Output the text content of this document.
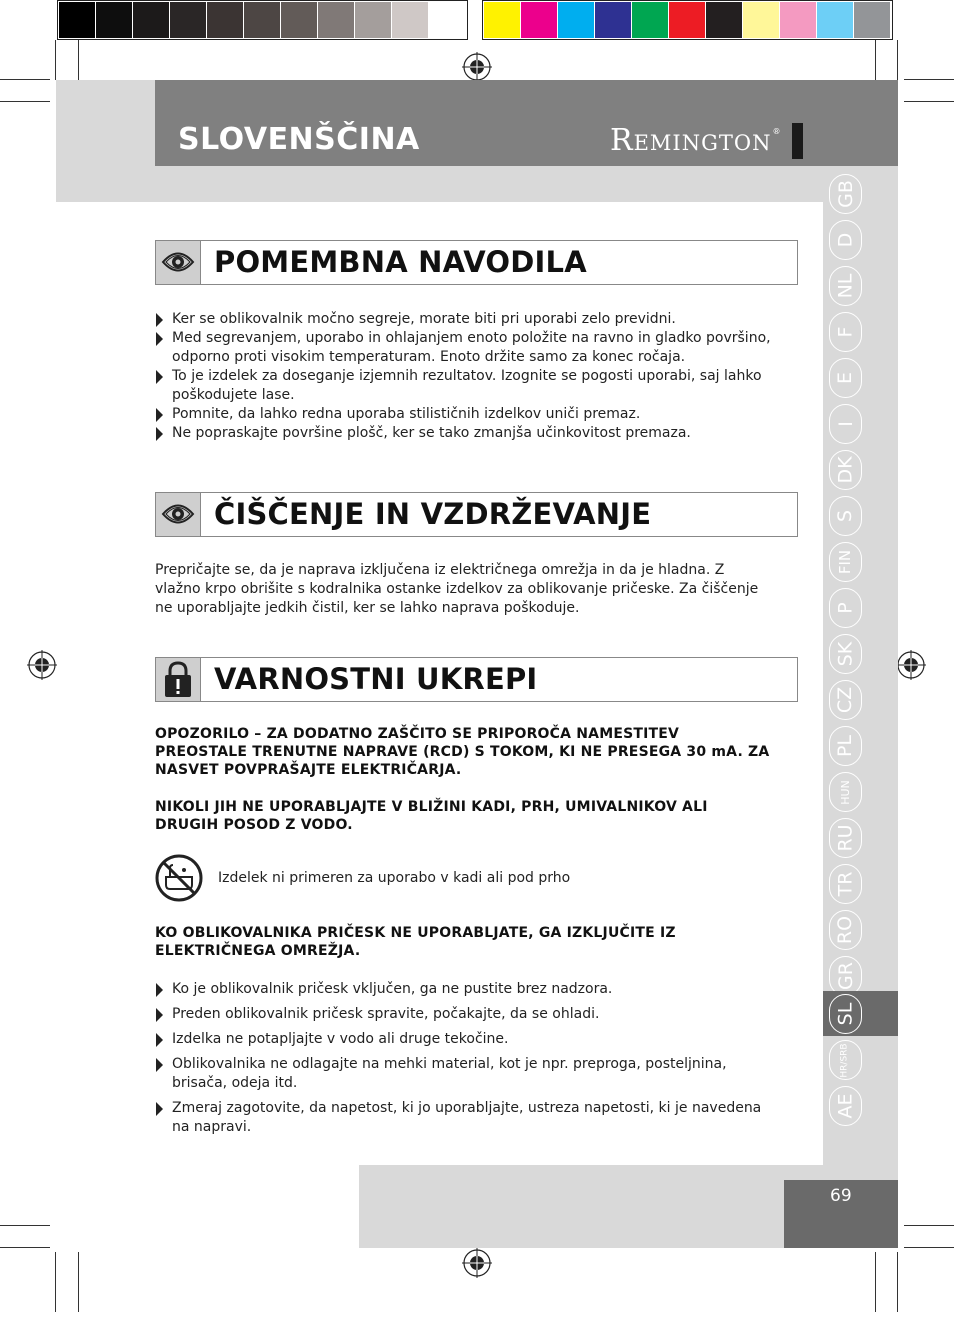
SLOVENŠČINA	Remington ®
POMEMBNA NAVODILA
Ker se oblikovalnik močno segreje, morate biti pri uporabi zelo previdni.
Med segrevanjem, uporabo in ohlajanjem enoto položite na ravno in gladko površino, odporno proti visokim temperaturam. Enoto držite samo za konec ročaja.
To je izdelek za doseganje izjemnih rezultatov. Izognite se pogosti uporabi, saj lahko poškodujete lase.
Pomnite, da lahko redna uporaba stilističnih izdelkov uniči premaz.
Ne popraskajte površine plošč, ker se tako zmanjša učinkovitost premaza.
ČIŠČENJE IN VZDRŽEVANJE
Prepričajte se, da je naprava izključena iz električnega omrežja in da je hladna. Z vlažno krpo obrišite s kodralnika ostanke izdelkov za oblikovanje pričeske. Za čiščenje ne uporabljajte jedkih čistil, ker se lahko naprava poškoduje.
VARNOSTNI UKREPI
OPOZORILO – ZA DODATNO ZAŠČITO SE PRIPOROČA NAMESTITEV PREOSTALE TRENUTNE NAPRAVE (RCD) S TOKOM, KI NE PRESEGA 30 mA. ZA NASVET POVPRAŠAJTE ELEKTRIČARJA.
NIKOLI JIH NE UPORABLJAJTE V BLIŽINI KADI, PRH, UMIVALNIKOV ALI DRUGIH POSOD Z VODO.
Izdelek ni primeren za uporabo v kadi ali pod prho
KO OBLIKOVALNIKA PRIČESK NE UPORABLJATE, GA IZKLJUČITE IZ ELEKTRIČNEGA OMREŽJA.
Ko je oblikovalnik pričesk vključen, ga ne pustite brez nadzora.
Preden oblikovalnik pričesk spravite, počakajte, da se ohladi.
Izdelka ne potapljajte v vodo ali druge tekočine.
Oblikovalnika ne odlagajte na mehki material, kot je npr. preproga, posteljnina, brisača, odeja itd.
Zmeraj zagotovite, da napetost, ki jo uporabljajte, ustreza napetosti, ki je navedena na napravi.
GB
D
NL
F
E
I
DK
S
FIN
P
SK
CZ
PL
HUN
RU
TR
RO
GR
SL
HR/SRB
AE
69
